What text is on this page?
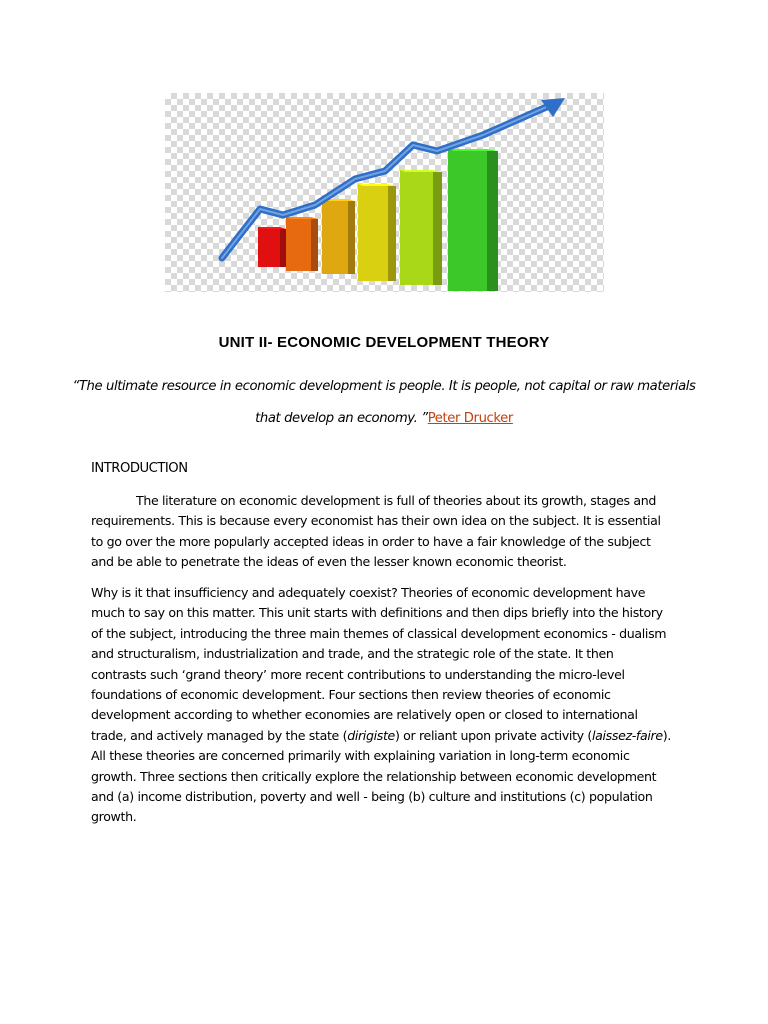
UNIT II- ECONOMIC DEVELOPMENT THEORY
“The ultimate resource in economic development is people. It is people, not capital or raw materials
that develop an economy. ”Peter Drucker
INTRODUCTION
The literature on economic development is full of theories about its growth, stages and
requirements. This is because every economist has their own idea on the subject. It is essential
to go over the more popularly accepted ideas in order to have a fair knowledge of the subject
and be able to penetrate the ideas of even the lesser known economic theorist.
Why is it that insufficiency and adequately coexist? Theories of economic development have
much to say on this matter. This unit starts with definitions and then dips briefly into the history
of the subject, introducing the three main themes of classical development economics - dualism
and structuralism, industrialization and trade, and the strategic role of the state. It then
contrasts such ‘grand theory’ more recent contributions to understanding the micro-level
foundations of economic development. Four sections then review theories of economic
development according to whether economies are relatively open or closed to international
trade, and actively managed by the state (dirigiste) or reliant upon private activity (laissez-faire).
All these theories are concerned primarily with explaining variation in long-term economic
growth. Three sections then critically explore the relationship between economic development
and (a) income distribution, poverty and well - being (b) culture and institutions (c) population
growth.
